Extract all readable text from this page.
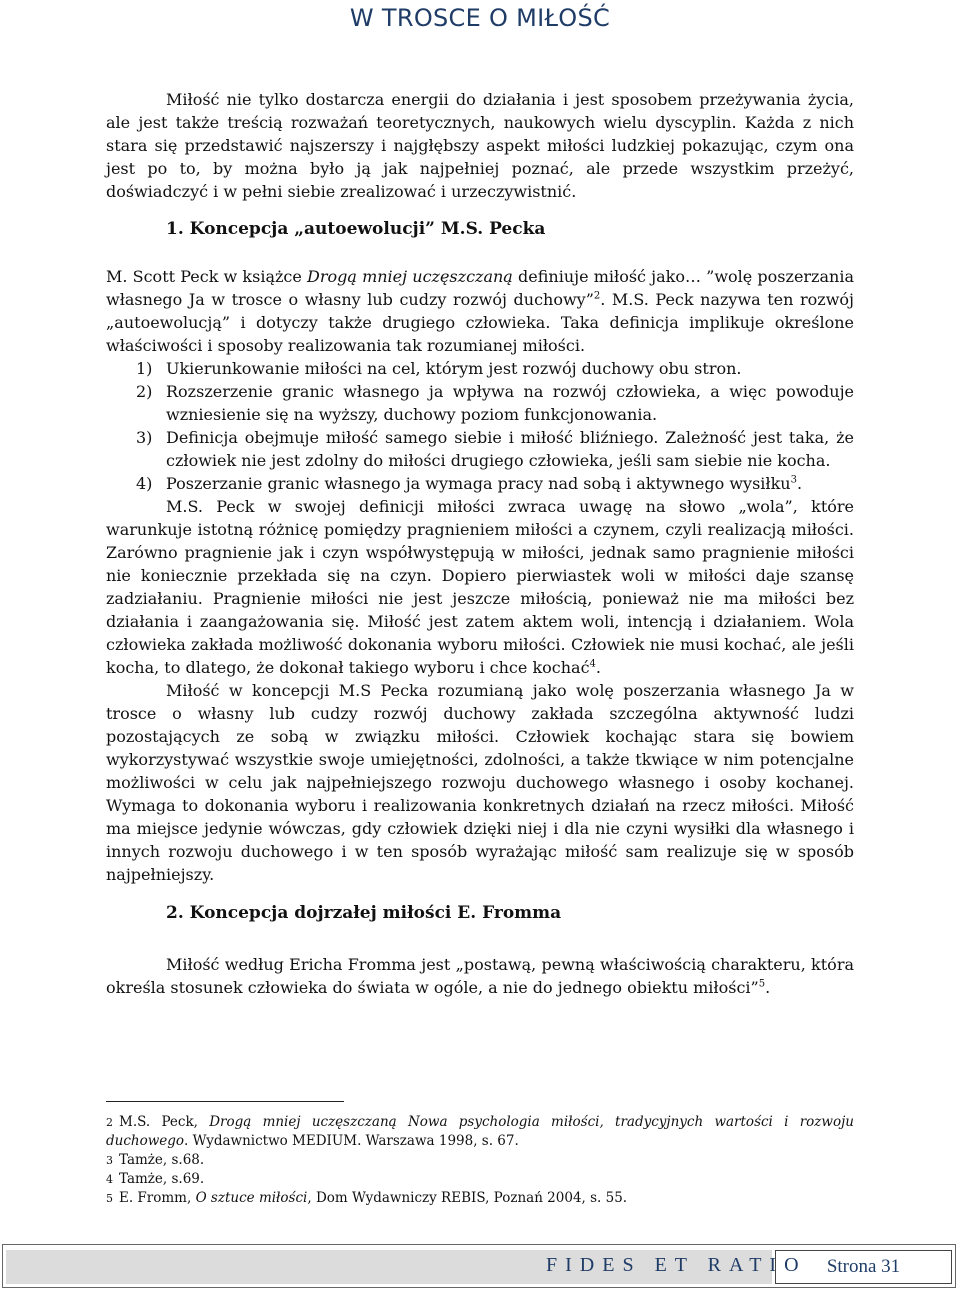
W TROSCE O MIŁOŚĆ

Miłość nie tylko dostarcza energii do działania i jest sposobem przeżywania życia, ale jest także treścią rozważań teoretycznych, naukowych wielu dyscyplin. Każda z nich stara się przedstawić najszerszy i najgłębszy aspekt miłości ludzkiej pokazując, czym ona jest po to, by można było ją jak najpełniej poznać, ale przede wszystkim przeżyć, doświadczyć i w pełni siebie zrealizować i urzeczywistnić.

1. Koncepcja „autoewolucji” M.S. Pecka

M. Scott Peck w książce Drogą mniej uczęszczaną definiuje miłość jako… ”wolę poszerzania własnego Ja w trosce o własny lub cudzy rozwój duchowy”$^2$. M.S. Peck nazywa ten rozwój „autoewolucją” i dotyczy także drugiego człowieka. Taka definicja implikuje określone właściwości i sposoby realizowania tak rozumianej miłości.

1) Ukierunkowanie miłości na cel, którym jest rozwój duchowy obu stron.
2) Rozszerzenie granic własnego ja wpływa na rozwój człowieka, a więc powoduje wzniesienie się na wyższy, duchowy poziom funkcjonowania.
3) Definicja obejmuje miłość samego siebie i miłość bliźniego. Zależność jest taka, że człowiek nie jest zdolny do miłości drugiego człowieka, jeśli sam siebie nie kocha.
4) Poszerzanie granic własnego ja wymaga pracy nad sobą i aktywnego wysiłku$^3$.

M.S. Peck w swojej definicji miłości zwraca uwagę na słowo „wola”, które warunkuje istotną różnicę pomiędzy pragnieniem miłości a czynem, czyli realizacją miłości. Zarówno pragnienie jak i czyn współwystępują w miłości, jednak samo pragnienie miłości nie koniecznie przekłada się na czyn. Dopiero pierwiastek woli w miłości daje szansę zadziałaniu. Pragnienie miłości nie jest jeszcze miłością, ponieważ nie ma miłości bez działania i zaangażowania się. Miłość jest zatem aktem woli, intencją i działaniem. Wola człowieka zakłada możliwość dokonania wyboru miłości. Człowiek nie musi kochać, ale jeśli kocha, to dlatego, że dokonał takiego wyboru i chce kochać$^4$.

Miłość w koncepcji M.S Pecka rozumianą jako wolę poszerzania własnego Ja w trosce o własny lub cudzy rozwój duchowy zakłada szczególna aktywność ludzi pozostających ze sobą w związku miłości. Człowiek kochając stara się bowiem wykorzystywać wszystkie swoje umiejętności, zdolności, a także tkwiące w nim potencjalne możliwości w celu jak najpełniejszego rozwoju duchowego własnego i osoby kochanej. Wymaga to dokonania wyboru i realizowania konkretnych działań na rzecz miłości. Miłość ma miejsce jedynie wówczas, gdy człowiek dzięki niej i dla nie czyni wysiłki dla własnego i innych rozwoju duchowego i w ten sposób wyrażając miłość sam realizuje się w sposób najpełniejszy.

2. Koncepcja dojrzałej miłości E. Fromma

Miłość według Ericha Fromma jest „postawą, pewną właściwością charakteru, która określa stosunek człowieka do świata w ogóle, a nie do jednego obiektu miłości”$^5$.

2 M.S. Peck, Drogą mniej uczęszczaną Nowa psychologia miłości, tradycyjnych wartości i rozwoju duchowego. Wydawnictwo MEDIUM. Warszawa 1998, s. 67.

3 Tamże, s.68.

4 Tamże, s.69.

5 E. Fromm, O sztuce miłości, Dom Wydawniczy REBIS, Poznań 2004, s. 55.

FIDES ET RATIO	Strona 31
